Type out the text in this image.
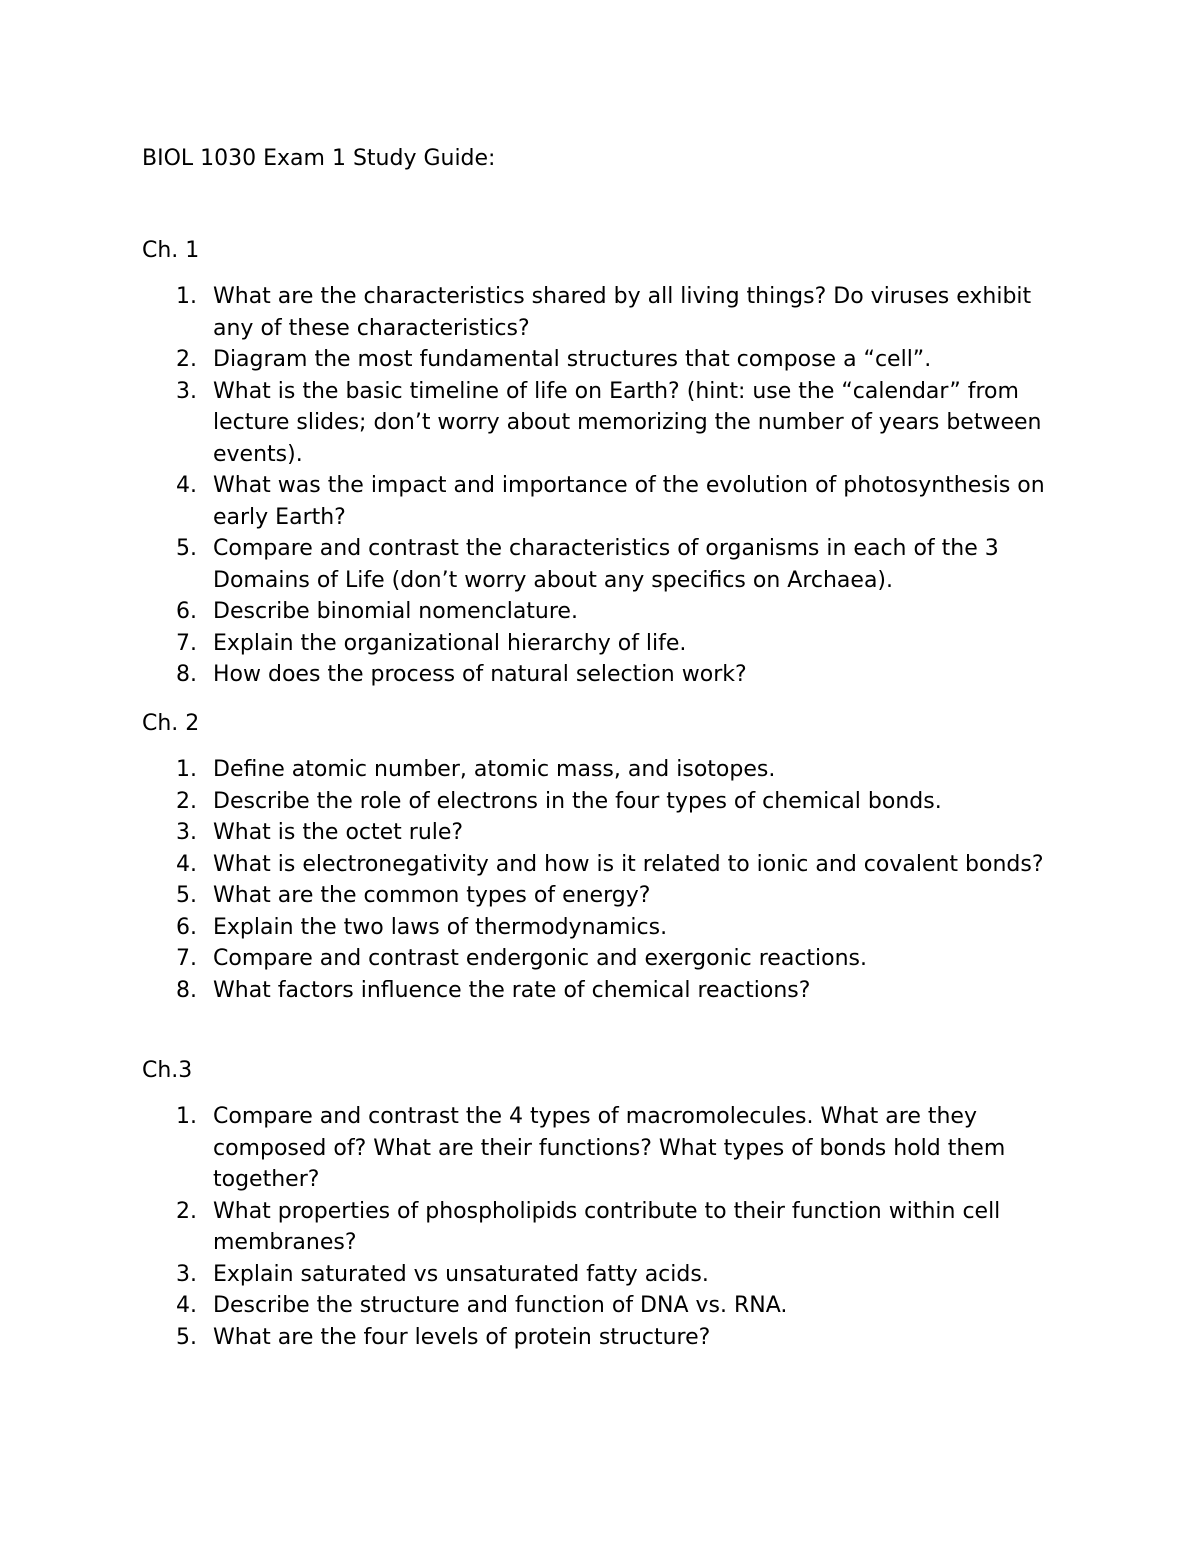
BIOL 1030 Exam 1 Study Guide:
Ch. 1
1. What are the characteristics shared by all living things? Do viruses exhibit any of these characteristics?
2. Diagram the most fundamental structures that compose a “cell”.
3. What is the basic timeline of life on Earth? (hint: use the “calendar” from lecture slides; don’t worry about memorizing the number of years between events).
4. What was the impact and importance of the evolution of photosynthesis on early Earth?
5. Compare and contrast the characteristics of organisms in each of the 3 Domains of Life (don’t worry about any specifics on Archaea).
6. Describe binomial nomenclature.
7. Explain the organizational hierarchy of life.
8. How does the process of natural selection work?
Ch. 2
1. Define atomic number, atomic mass, and isotopes.
2. Describe the role of electrons in the four types of chemical bonds.
3. What is the octet rule?
4. What is electronegativity and how is it related to ionic and covalent bonds?
5. What are the common types of energy?
6. Explain the two laws of thermodynamics.
7. Compare and contrast endergonic and exergonic reactions.
8. What factors influence the rate of chemical reactions?
Ch.3
1. Compare and contrast the 4 types of macromolecules. What are they composed of? What are their functions? What types of bonds hold them together?
2. What properties of phospholipids contribute to their function within cell membranes?
3. Explain saturated vs unsaturated fatty acids.
4. Describe the structure and function of DNA vs. RNA.
5. What are the four levels of protein structure?
